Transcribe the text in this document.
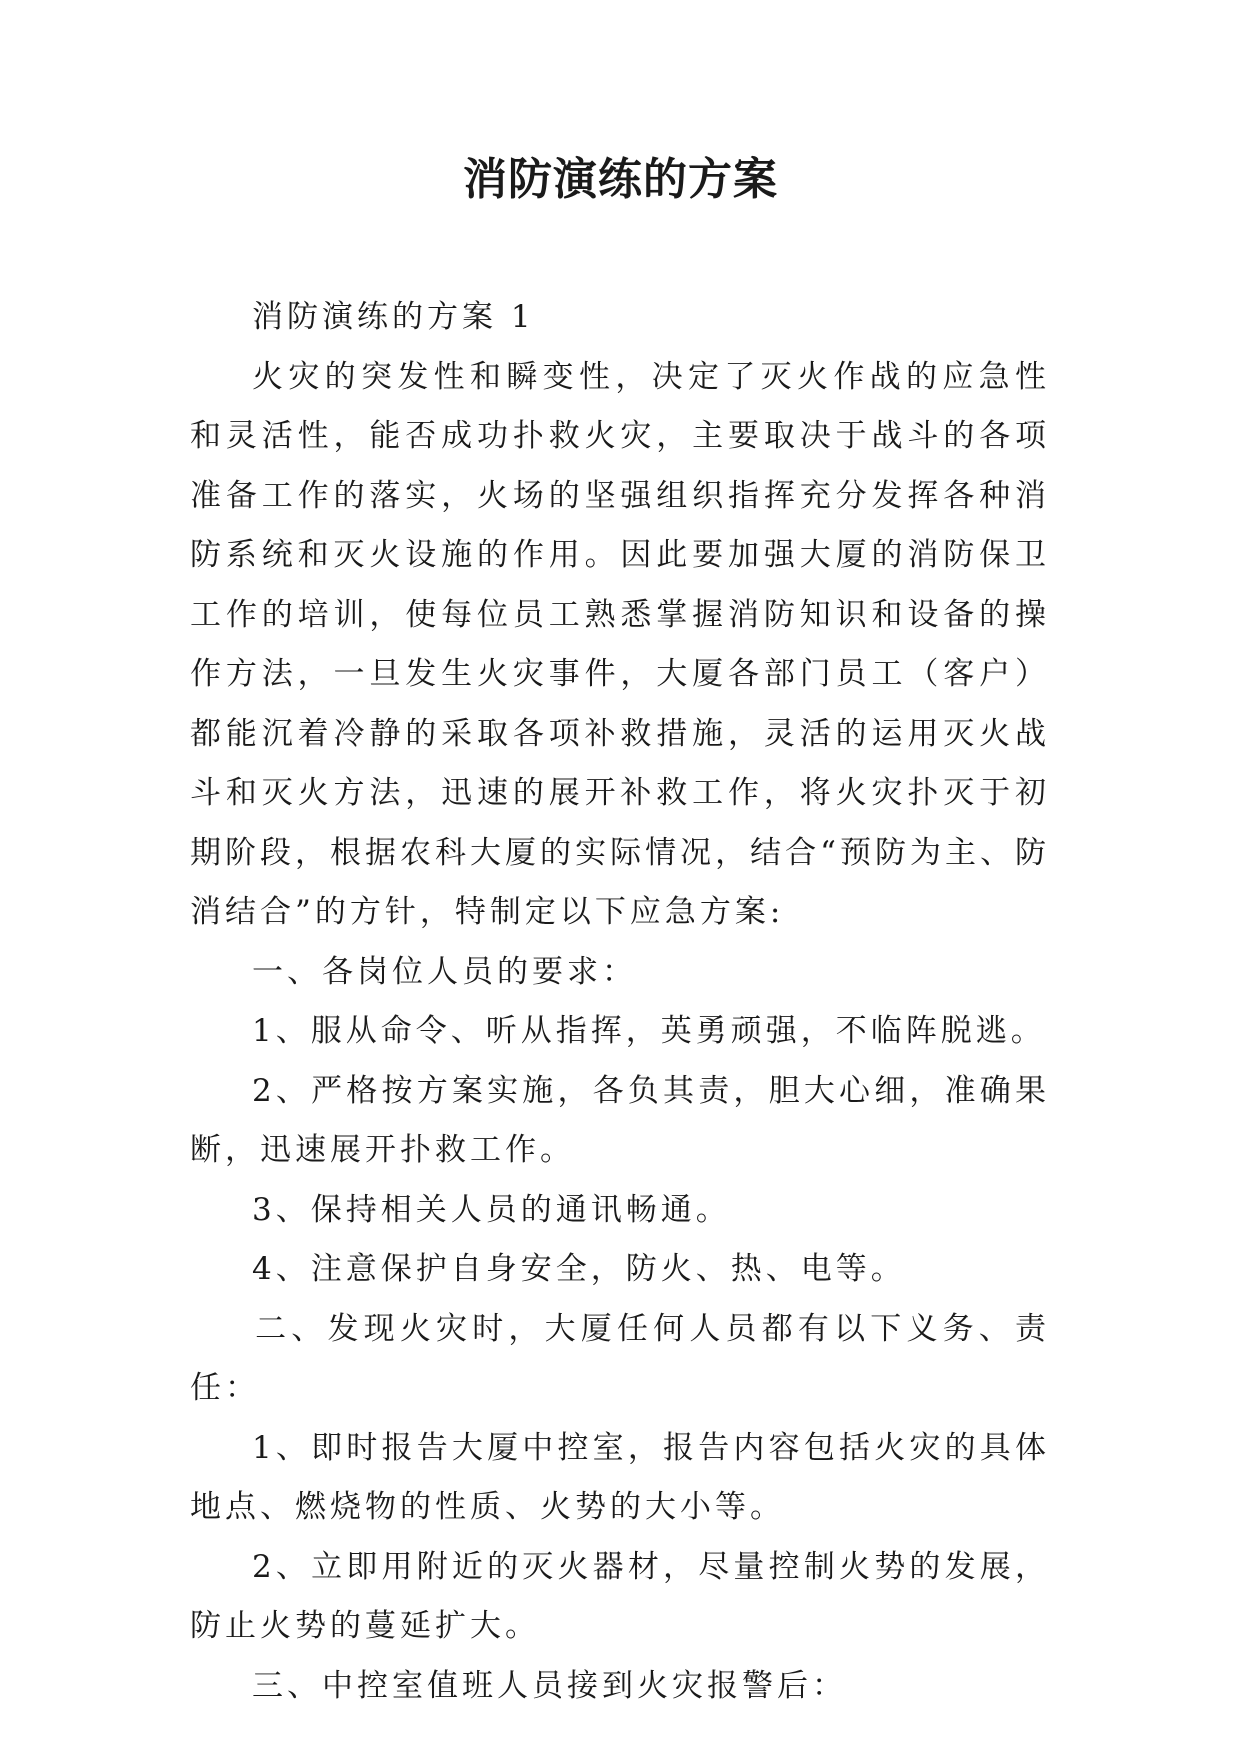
消防演练的方案

消防演练的方案 1

火灾的突发性和瞬变性，决定了灭火作战的应急性和灵活性，能否成功扑救火灾，主要取决于战斗的各项准备工作的落实，火场的坚强组织指挥充分发挥各种消防系统和灭火设施的作用。因此要加强大厦的消防保卫工作的培训，使每位员工熟悉掌握消防知识和设备的操作方法，一旦发生火灾事件，大厦各部门员工（客户）都能沉着冷静的采取各项补救措施，灵活的运用灭火战斗和灭火方法，迅速的展开补救工作，将火灾扑灭于初期阶段，根据农科大厦的实际情况，结合“预防为主、防消结合”的方针，特制定以下应急方案:

一、各岗位人员的要求：

1、服从命令、听从指挥，英勇顽强，不临阵脱逃。

2、严格按方案实施，各负其责，胆大心细，准确果断，迅速展开扑救工作。

3、保持相关人员的通讯畅通。

4、注意保护自身安全，防火、热、电等。

二、发现火灾时，大厦任何人员都有以下义务、责任：

1、即时报告大厦中控室，报告内容包括火灾的具体地点、燃烧物的性质、火势的大小等。

2、立即用附近的灭火器材，尽量控制火势的发展，防止火势的蔓延扩大。

三、中控室值班人员接到火灾报警后：
